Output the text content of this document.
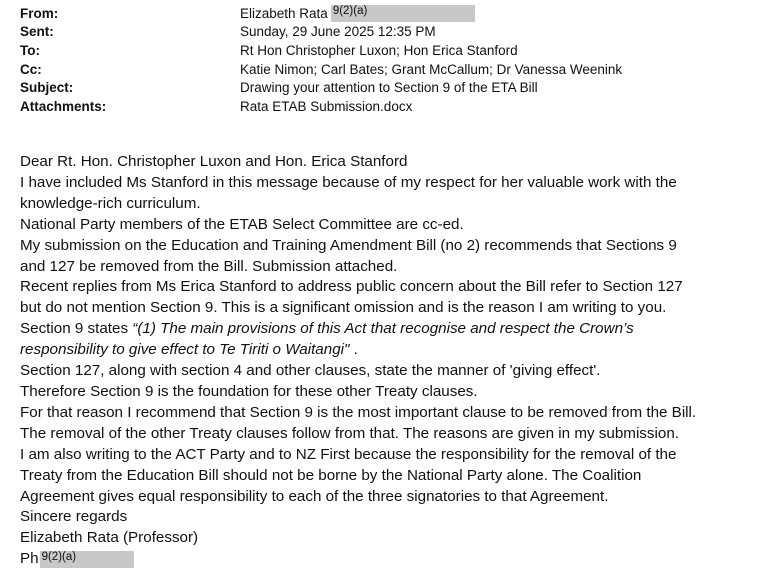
From:	Elizabeth Rata 9(2)(a)
Sent:	Sunday, 29 June 2025 12:35 PM
To:	Rt Hon Christopher Luxon; Hon Erica Stanford
Cc:	Katie Nimon; Carl Bates; Grant McCallum; Dr Vanessa Weenink
Subject:	Drawing your attention to Section 9 of the ETA Bill
Attachments:	Rata ETAB Submission.docx
Dear Rt. Hon. Christopher Luxon and Hon. Erica Stanford
I have included Ms Stanford in this message because of my respect for her valuable work with the
knowledge-rich curriculum.
National Party members of the ETAB Select Committee are cc-ed.
My submission on the Education and Training Amendment Bill (no 2) recommends that Sections 9
and 127 be removed from the Bill. Submission attached.
Recent replies from Ms Erica Stanford to address public concern about the Bill refer to Section 127
but do not mention Section 9. This is a significant omission and is the reason I am writing to you.
Section 9 states “(1) The main provisions of this Act that recognise and respect the Crown’s
responsibility to give effect to Te Tiriti o Waitangi" .
Section 127, along with section 4 and other clauses, state the manner of 'giving effect'.
Therefore Section 9 is the foundation for these other Treaty clauses.
For that reason I recommend that Section 9 is the most important clause to be removed from the Bill.
The removal of the other Treaty clauses follow from that. The reasons are given in my submission.
I am also writing to the ACT Party and to NZ First because the responsibility for the removal of the
Treaty from the Education Bill should not be borne by the National Party alone. The Coalition
Agreement gives equal responsibility to each of the three signatories to that Agreement.
Sincere regards
Elizabeth Rata (Professor)
Ph 9(2)(a)
